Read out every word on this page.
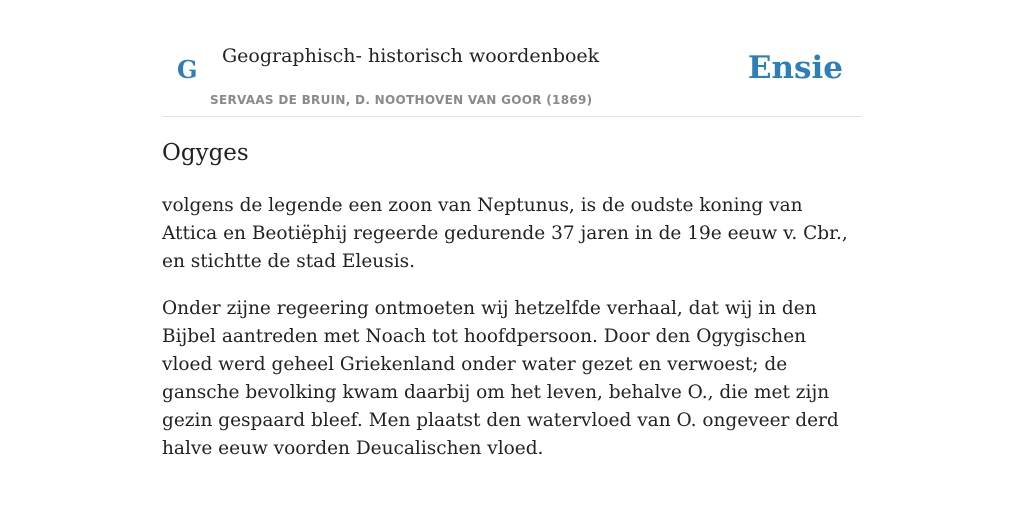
G Geographisch- historisch woordenboek
SERVAAS DE BRUIN, D. NOOTHOVEN VAN GOOR (1869)
Ensie
Ogyges

volgens de legende een zoon van Neptunus, is de oudste koning van Attica en Beotiëphij regeerde gedurende 37 jaren in de 19e eeuw v. Cbr., en stichtte de stad Eleusis.

Onder zijne regeering ontmoeten wij hetzelfde verhaal, dat wij in den Bijbel aantreden met Noach tot hoofdpersoon. Door den Ogygischen vloed werd geheel Griekenland onder water gezet en verwoest; de gansche bevolking kwam daarbij om het leven, behalve O., die met zijn gezin gespaard bleef. Men plaatst den watervloed van O. ongeveer derd halve eeuw voorden Deucalischen vloed.
